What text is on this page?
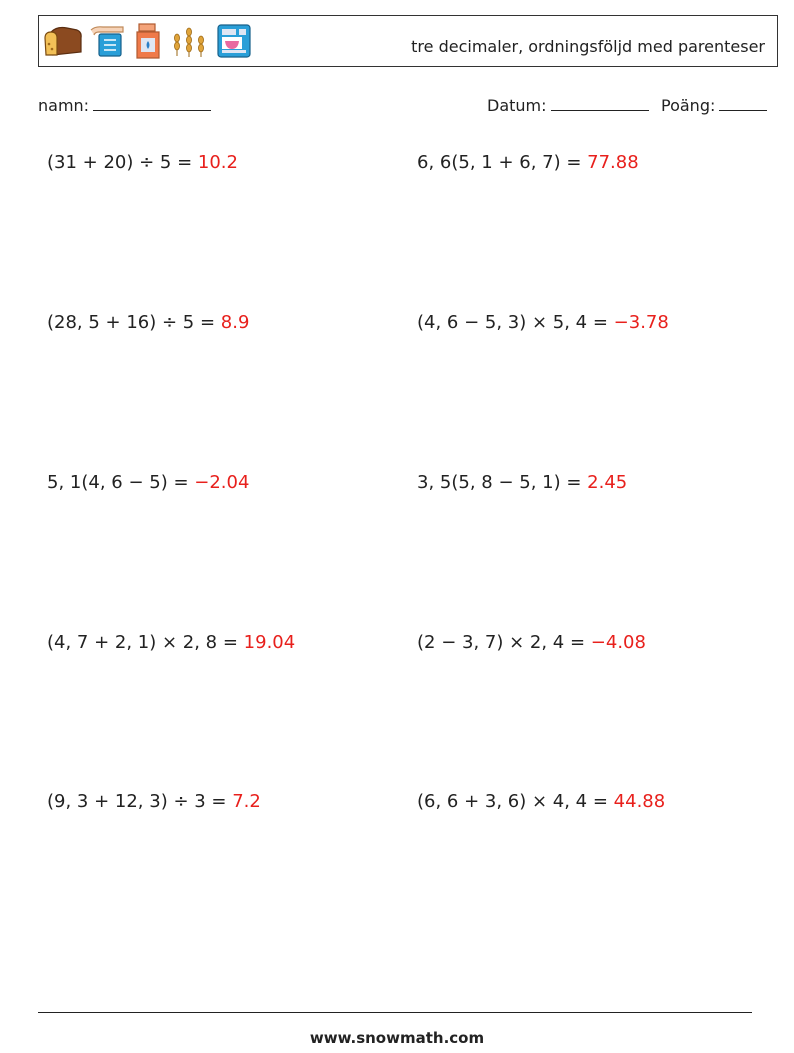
tre decimaler, ordningsföljd med parenteser
namn:	Datum:	Poäng:
(31 + 20) ÷ 5 = 10.2	6, 6(5, 1 + 6, 7) = 77.88
(28, 5 + 16) ÷ 5 = 8.9	(4, 6 − 5, 3) × 5, 4 = −3.78
5, 1(4, 6 − 5) = −2.04	3, 5(5, 8 − 5, 1) = 2.45
(4, 7 + 2, 1) × 2, 8 = 19.04	(2 − 3, 7) × 2, 4 = −4.08
(9, 3 + 12, 3) ÷ 3 = 7.2	(6, 6 + 3, 6) × 4, 4 = 44.88
www.snowmath.com
